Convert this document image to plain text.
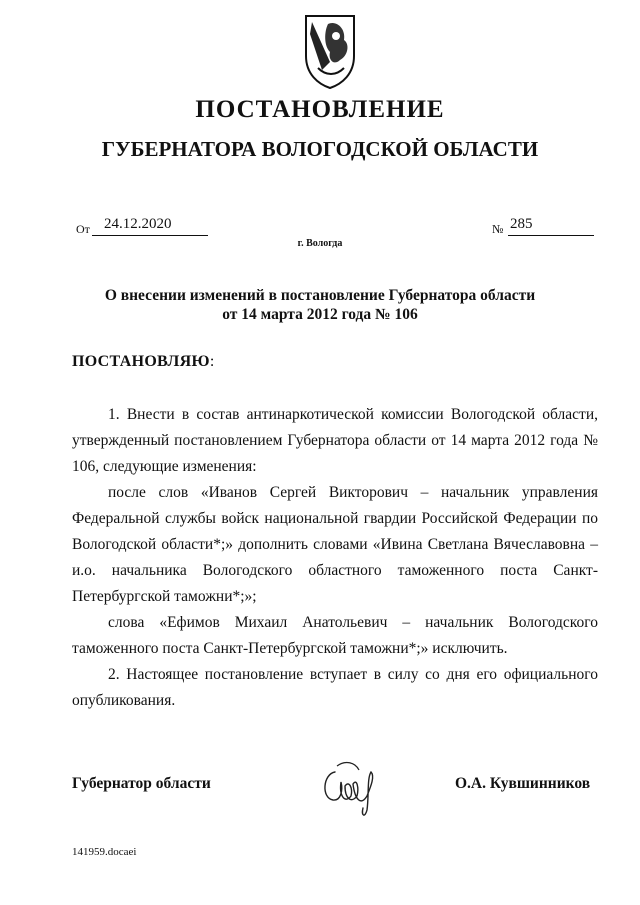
ПОСТАНОВЛЕНИЕ
ГУБЕРНАТОРА ВОЛОГОДСКОЙ ОБЛАСТИ
От 24.12.2020	№ 285
г. Вологда
О внесении изменений в постановление Губернатора области
от 14 марта 2012 года № 106
ПОСТАНОВЛЯЮ:

1. Внести в состав антинаркотической комиссии Вологодской области, утвержденный постановлением Губернатора области от 14 марта 2012 года № 106, следующие изменения:

после слов «Иванов Сергей Викторович – начальник управления Федеральной службы войск национальной гвардии Российской Федерации по Вологодской области*;» дополнить словами «Ивина Светлана Вячеславовна – и.о. начальника Вологодского областного таможенного поста Санкт-Петербургской таможни*;»;

слова «Ефимов Михаил Анатольевич – начальник Вологодского таможенного поста Санкт-Петербургской таможни*;» исключить.

2. Настоящее постановление вступает в силу со дня его официального опубликования.

Губернатор области	О.А. Кувшинников
141959.docaei
